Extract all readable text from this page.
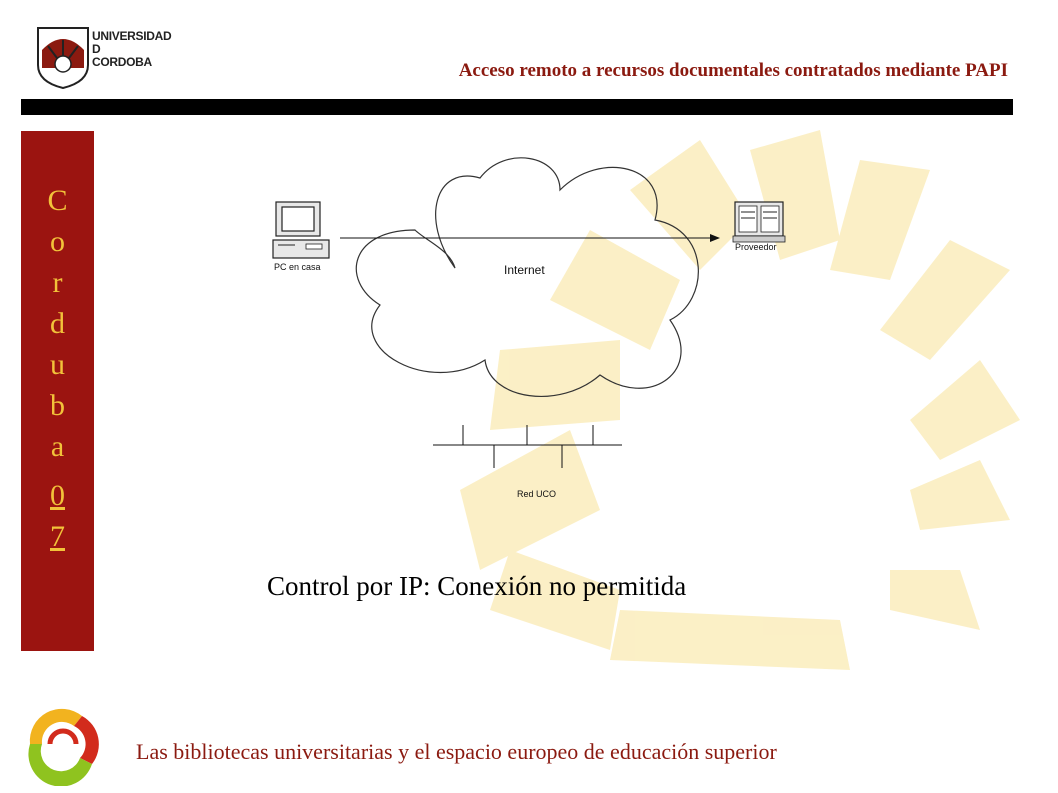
UNIVERSIDAD
D
CORDOBA	Acceso remoto a recursos documentales contratados mediante PAPI
C
o
r
d
u
b
a
0
7
Internet
PC en casa
Proveedor
Red UCO
Control por IP: Conexión no permitida
Las bibliotecas universitarias y el espacio europeo de educación superior
